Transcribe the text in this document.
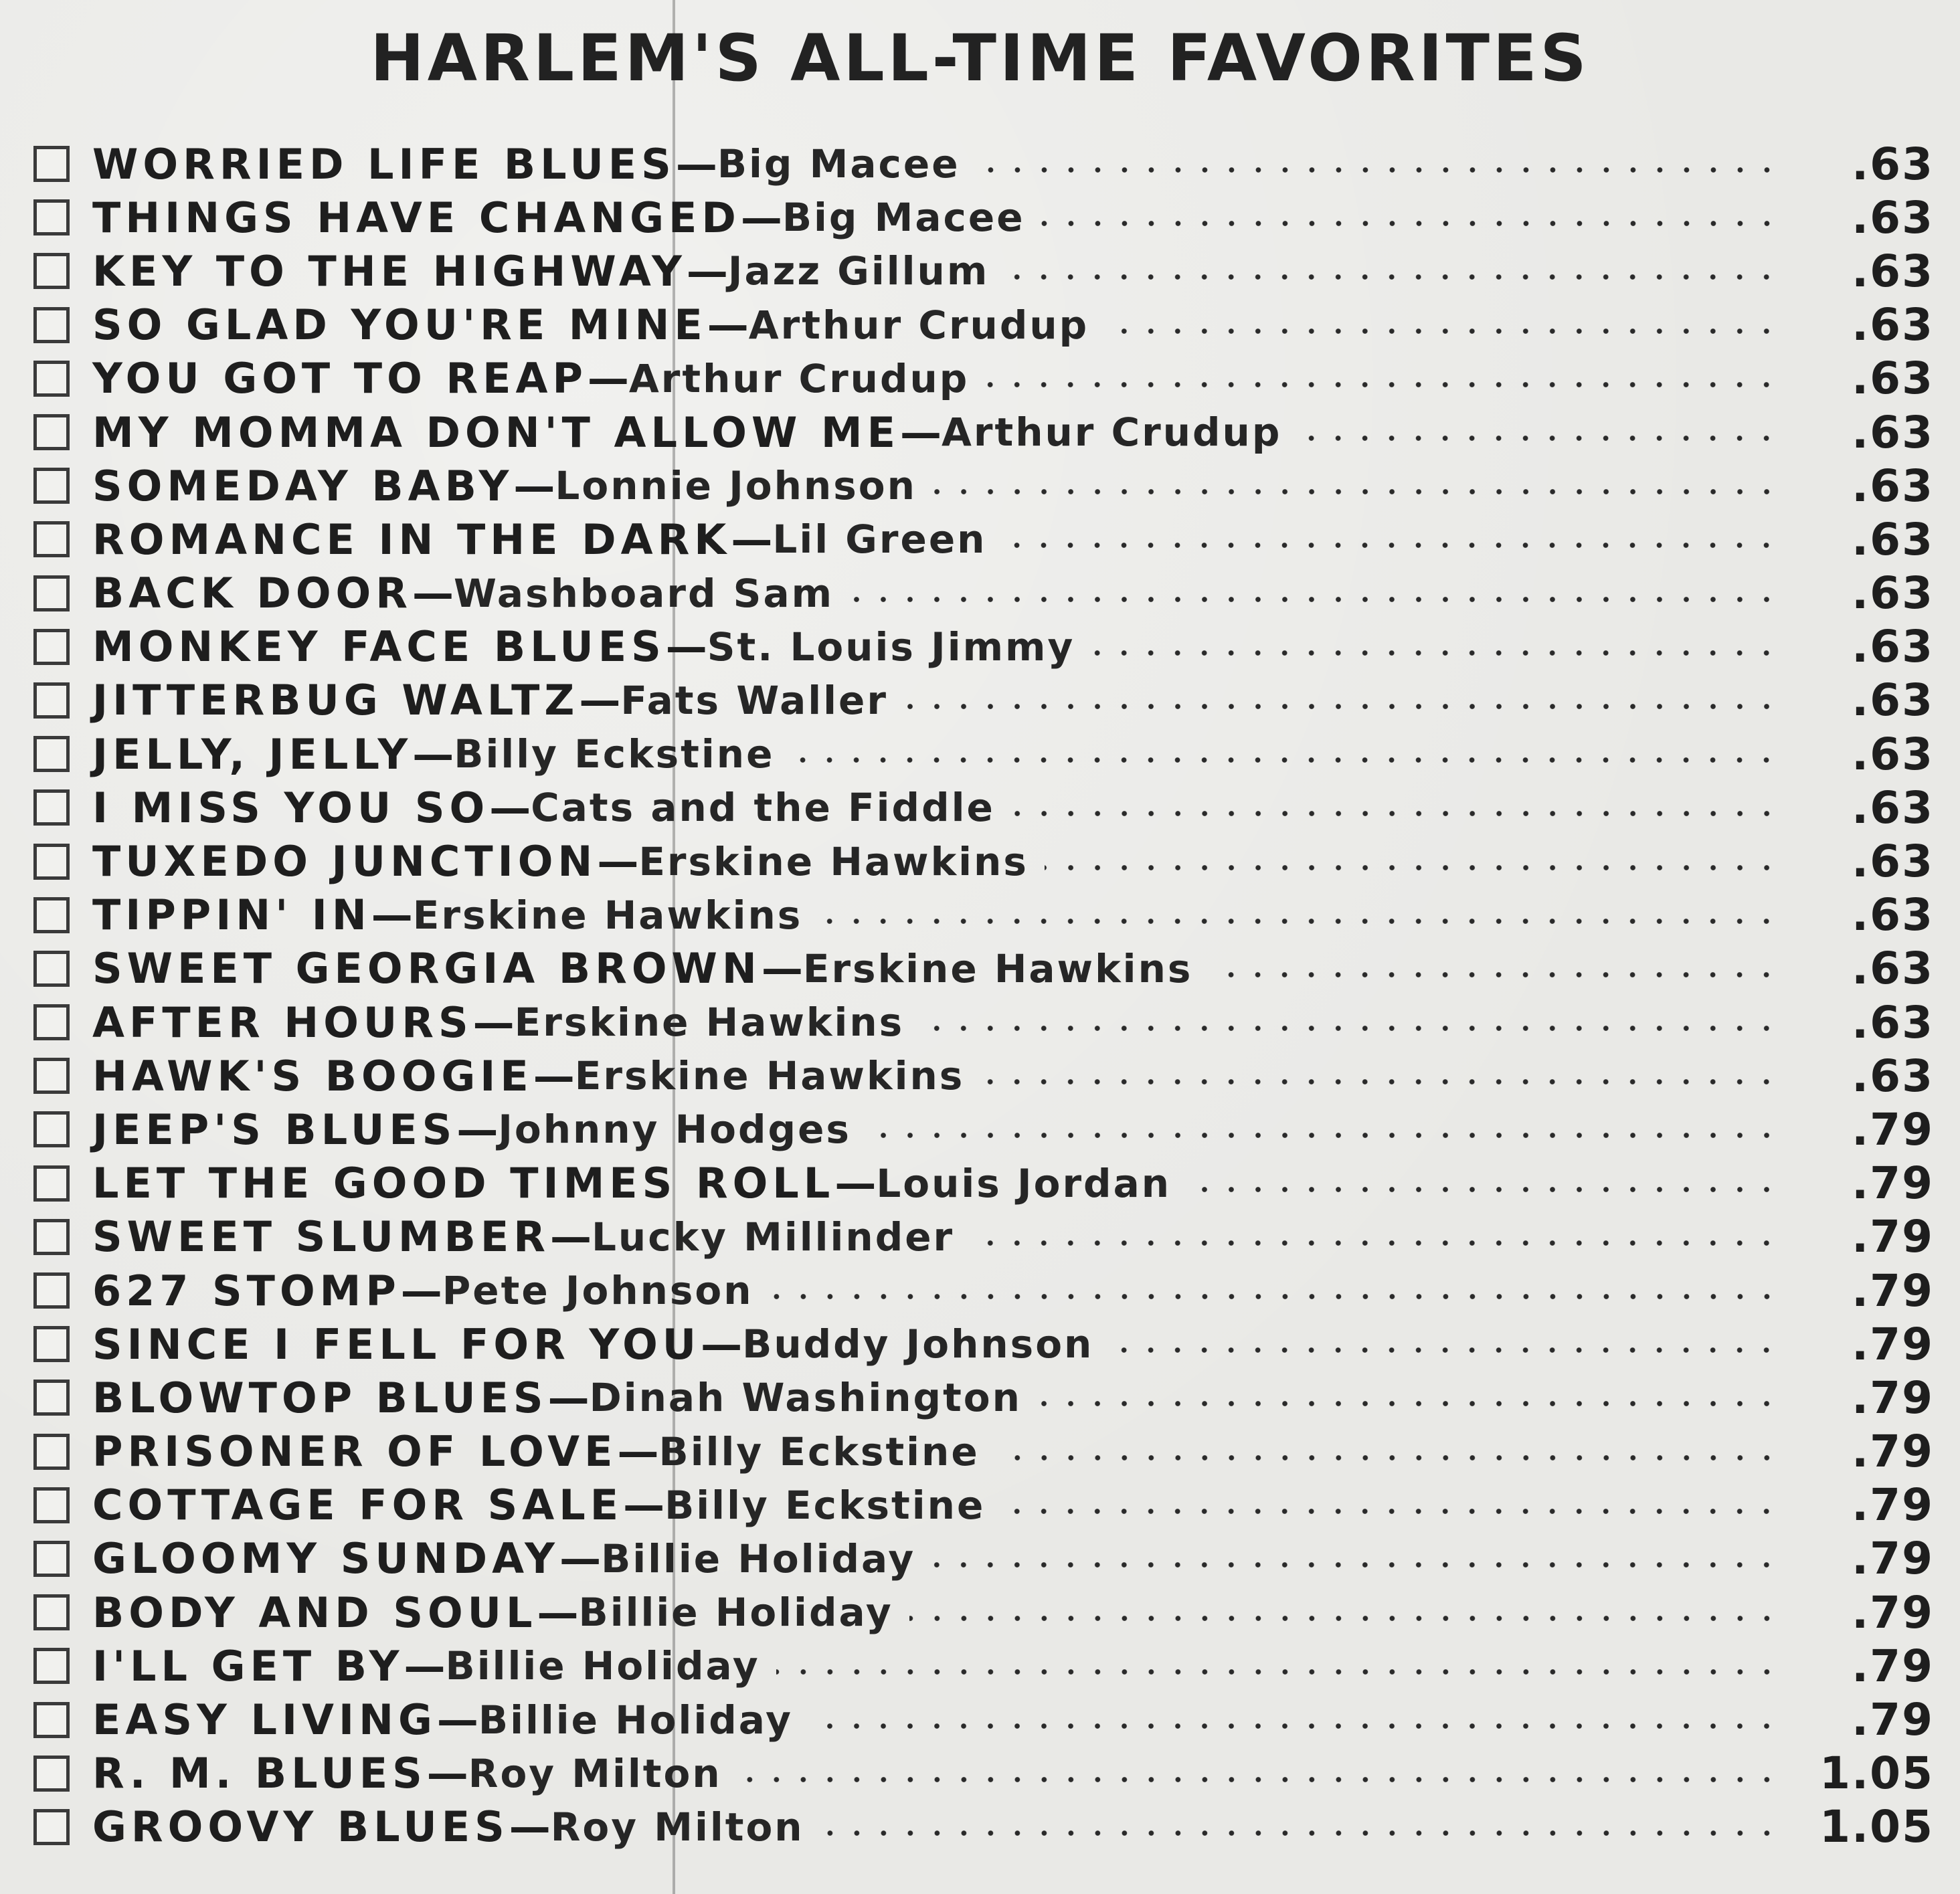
HARLEM'S ALL-TIME FAVORITES
WORRIED LIFE BLUES — Big Macee	.63
THINGS HAVE CHANGED — Big Macee	.63
KEY TO THE HIGHWAY — Jazz Gillum	.63
SO GLAD YOU'RE MINE — Arthur Crudup	.63
YOU GOT TO REAP — Arthur Crudup	.63
MY MOMMA DON'T ALLOW ME — Arthur Crudup	.63
SOMEDAY BABY — Lonnie Johnson	.63
ROMANCE IN THE DARK — Lil Green	.63
BACK DOOR — Washboard Sam	.63
MONKEY FACE BLUES — St. Louis Jimmy	.63
JITTERBUG WALTZ — Fats Waller	.63
JELLY, JELLY — Billy Eckstine	.63
I MISS YOU SO — Cats and the Fiddle	.63
TUXEDO JUNCTION — Erskine Hawkins	.63
TIPPIN' IN — Erskine Hawkins	.63
SWEET GEORGIA BROWN — Erskine Hawkins	.63
AFTER HOURS — Erskine Hawkins	.63
HAWK'S BOOGIE — Erskine Hawkins	.63
JEEP'S BLUES — Johnny Hodges	.79
LET THE GOOD TIMES ROLL — Louis Jordan	.79
SWEET SLUMBER — Lucky Millinder	.79
627 STOMP — Pete Johnson	.79
SINCE I FELL FOR YOU — Buddy Johnson	.79
BLOWTOP BLUES — Dinah Washington	.79
PRISONER OF LOVE — Billy Eckstine	.79
COTTAGE FOR SALE — Billy Eckstine	.79
GLOOMY SUNDAY — Billie Holiday	.79
BODY AND SOUL — Billie Holiday	.79
I'LL GET BY — Billie Holiday	.79
EASY LIVING — Billie Holiday	.79
R. M. BLUES — Roy Milton	1.05
GROOVY BLUES — Roy Milton	1.05
